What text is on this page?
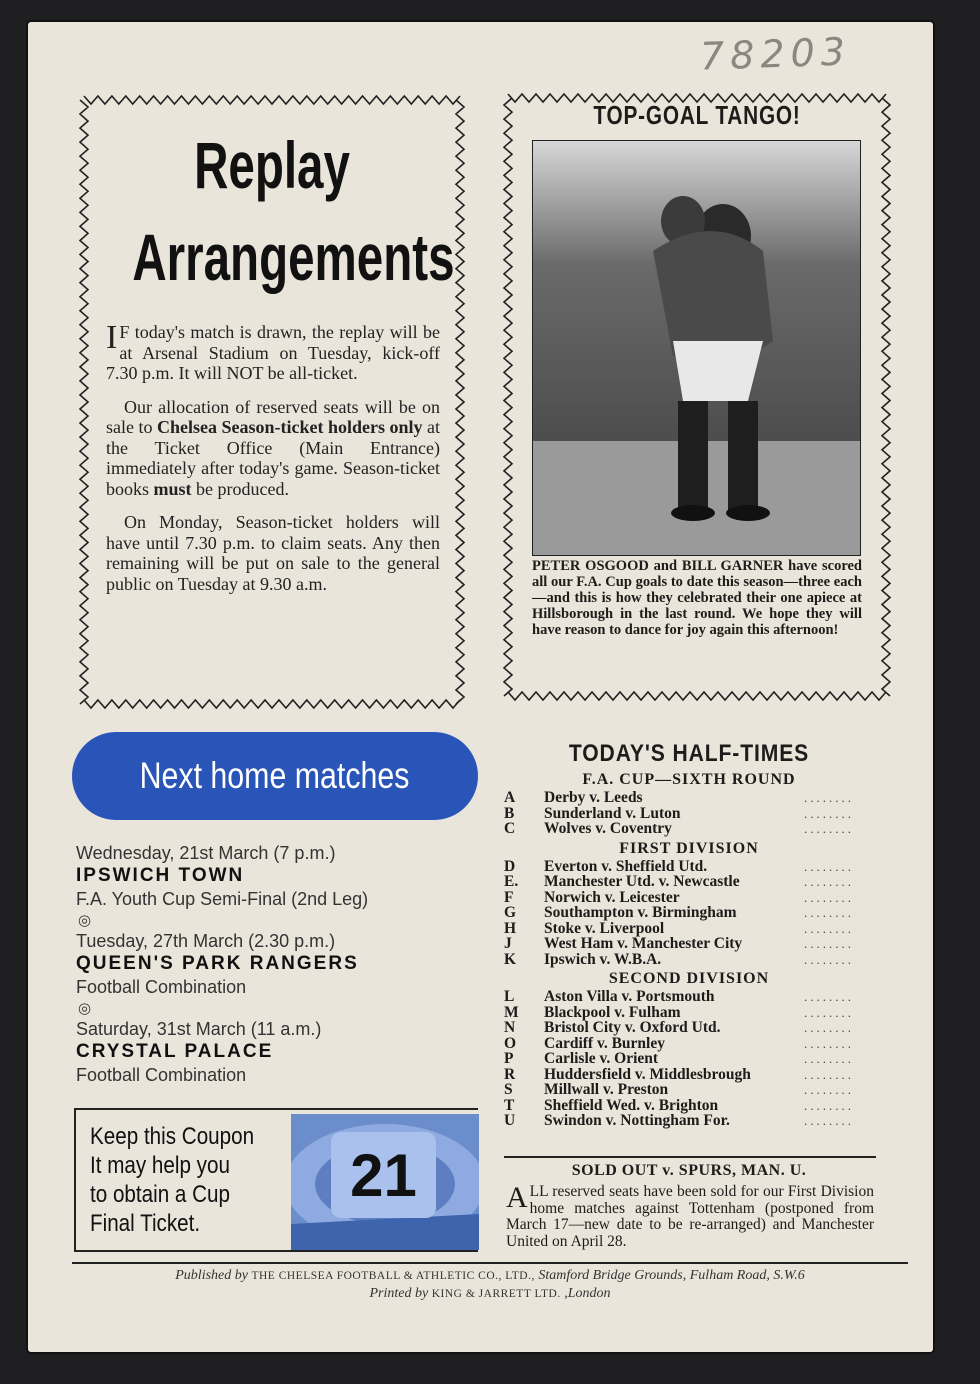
78203
Replay
Arrangements

I F today's match is drawn, the replay will be at Arsenal Stadium on Tuesday, kick-off 7.30 p.m. It will NOT be all-ticket.

Our allocation of reserved seats will be on sale to Chelsea Season-ticket holders only at the Ticket Office (Main Entrance) immediately after today's game. Season-ticket books must be produced.

On Monday, Season-ticket holders will have until 7.30 p.m. to claim seats. Any then remaining will be put on sale to the general public on Tuesday at 9.30 a.m.

TOP-GOAL TANGO!
PETER OSGOOD and BILL GARNER have scored all our F.A. Cup goals to date this season—three each—and this is how they celebrated their one apiece at Hillsborough in the last round. We hope they will have reason to dance for joy again this afternoon!
Next home matches
Wednesday, 21st March (7 p.m.)
IPSWICH TOWN
F.A. Youth Cup Semi-Final (2nd Leg)
◎
Tuesday, 27th March (2.30 p.m.)
QUEEN'S PARK RANGERS
Football Combination
◎
Saturday, 31st March (11 a.m.)
CRYSTAL PALACE
Football Combination
Keep this Coupon
It may help you
to obtain a Cup
Final Ticket.
21
TODAY'S HALF-TIMES
F.A. CUP—SIXTH ROUND
A	Derby v. Leeds	........
B	Sunderland v. Luton	........
C	Wolves v. Coventry	........
FIRST DIVISION
D	Everton v. Sheffield Utd.	........
E.	Manchester Utd. v. Newcastle	........
F	Norwich v. Leicester	........
G	Southampton v. Birmingham	........
H	Stoke v. Liverpool	........
J	West Ham v. Manchester City	........
K	Ipswich v. W.B.A.	........
SECOND DIVISION
L	Aston Villa v. Portsmouth	........
M	Blackpool v. Fulham	........
N	Bristol City v. Oxford Utd.	........
O	Cardiff v. Burnley	........
P	Carlisle v. Orient	........
R	Huddersfield v. Middlesbrough	........
S	Millwall v. Preston	........
T	Sheffield Wed. v. Brighton	........
U	Swindon v. Nottingham For.	........
SOLD OUT v. SPURS, MAN. U.
ALL reserved seats have been sold for our First Division home matches against Tottenham (postponed from March 17—new date to be re-arranged) and Manchester United on April 28.
Published by THE CHELSEA FOOTBALL & ATHLETIC CO., LTD., Stamford Bridge Grounds, Fulham Road, S.W.6
Printed by KING & JARRETT LTD. ,London
